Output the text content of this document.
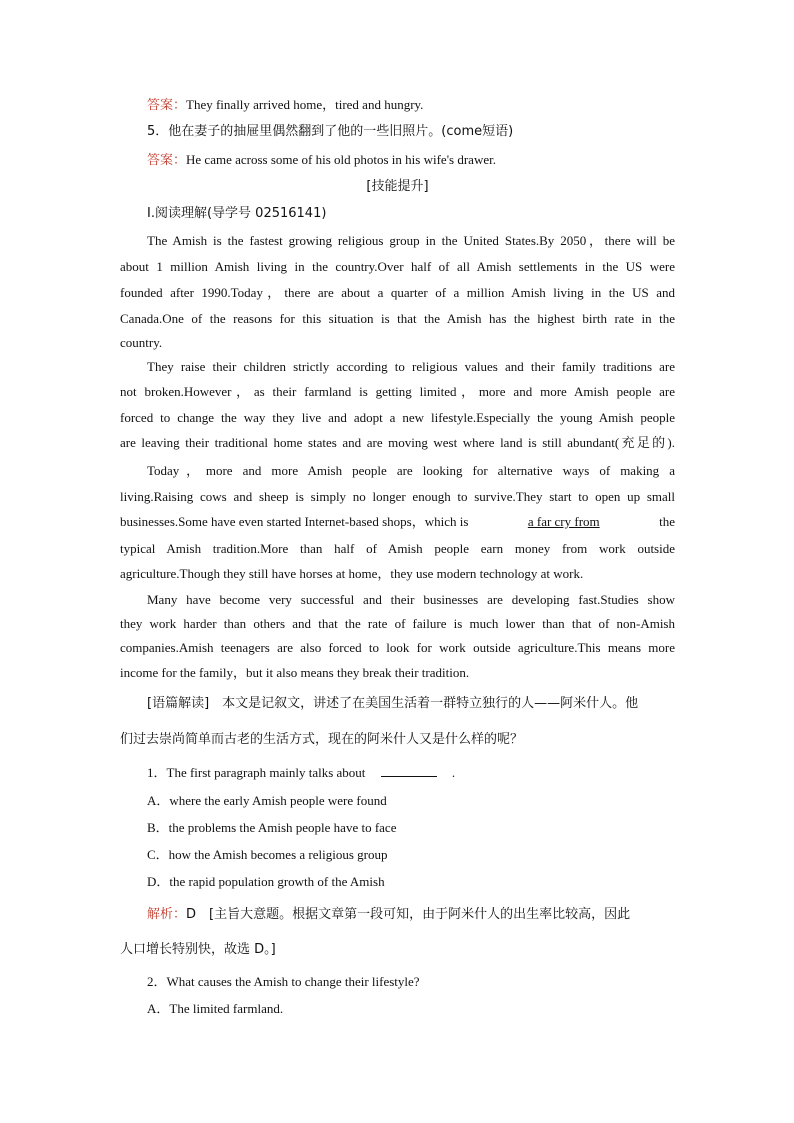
答案：They finally arrived home，tired and hungry.
5．他在妻子的抽屉里偶然翻到了他的一些旧照片。(come短语)
答案：He came across some of his old photos in his wife's drawer.
[技能提升]
Ⅰ.阅读理解(导学号 02516141)
The Amish is the fastest growing religious group in the United States.By 2050，there will be
about 1 million Amish living in the country.Over half of all Amish settlements in the US were
founded after 1990.Today，there are about a quarter of a million Amish living in the US and
Canada.One of the reasons for this situation is that the Amish has the highest birth rate in the
country.
They raise their children strictly according to religious values and their family traditions are
not broken.However，as their farmland is getting limited，more and more Amish people are
forced to change the way they live and adopt a new lifestyle.Especially the young Amish people
are leaving their traditional home states and are moving west where land is still abundant(充足的).
Today，more and more Amish people are looking for alternative ways of making a
living.Raising cows and sheep is simply no longer enough to survive.They start to open up small
businesses.Some have even started Internet-based shops，which is	a far cry from	the
typical Amish tradition.More than half of Amish people earn money from work outside
agriculture.Though they still have horses at home，they use modern technology at work.
Many have become very successful and their businesses are developing fast.Studies show
they work harder than others and that the rate of failure is much lower than that of non-Amish
companies.Amish teenagers are also forced to look for work outside agriculture.This means more
income for the family，but it also means they break their tradition.
[语篇解读]　本文是记叙文，讲述了在美国生活着一群特立独行的人——阿米什人。他
们过去崇尚简单而古老的生活方式，现在的阿米什人又是什么样的呢？
1．The first paragraph mainly talks about	.
A．where the early Amish people were found
B．the problems the Amish people have to face
C．how the Amish becomes a religious group
D．the rapid population growth of the Amish
解析：D　[主旨大意题。根据文章第一段可知，由于阿米什人的出生率比较高，因此
人口增长特别快，故选 D。]
2．What causes the Amish to change their lifestyle?
A．The limited farmland.
